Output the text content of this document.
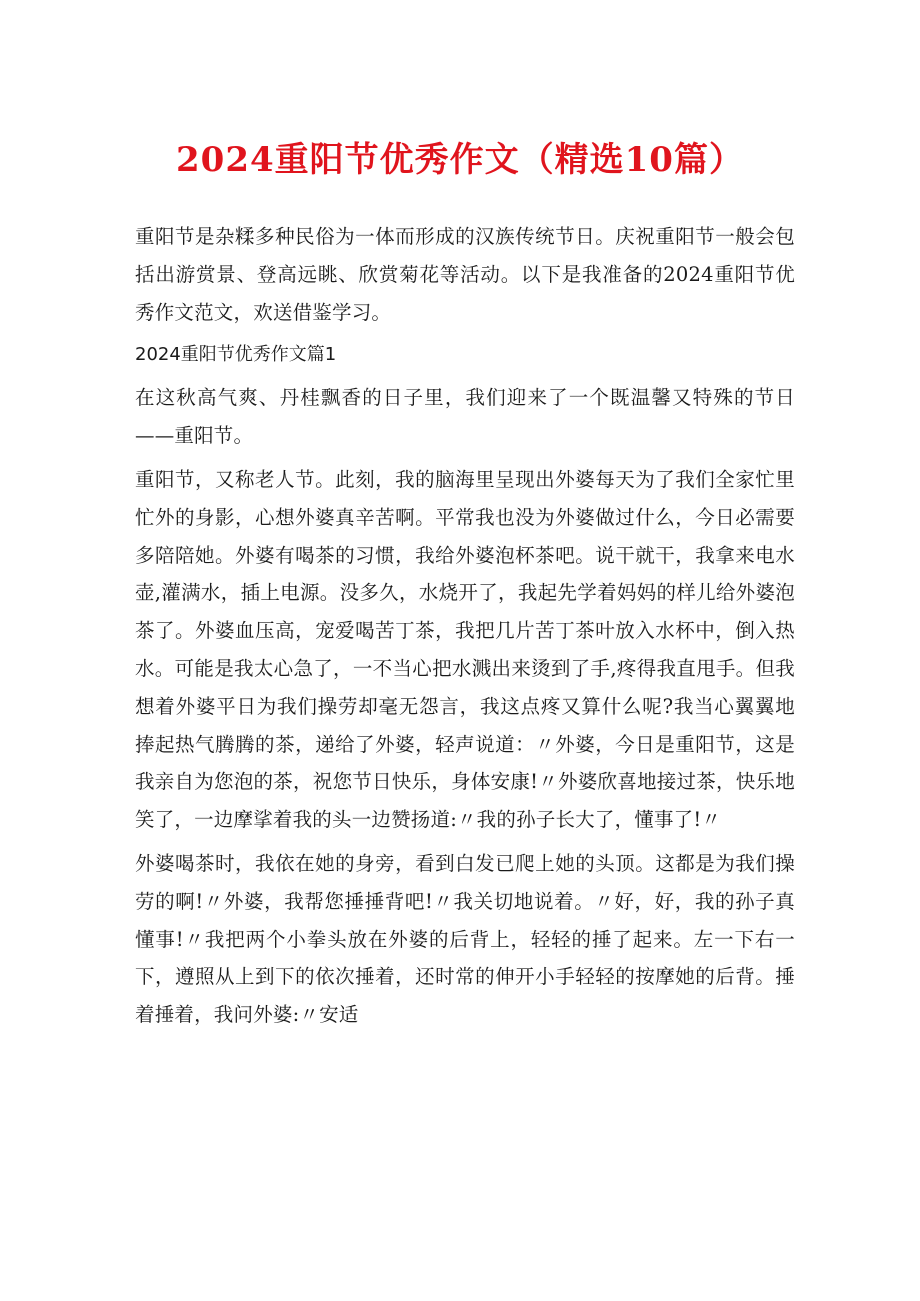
2024重阳节优秀作文（精选10篇）

重阳节是杂糅多种民俗为一体而形成的汉族传统节日。庆祝重阳节一般会包括出游赏景、登高远眺、欣赏菊花等活动。以下是我准备的2024重阳节优秀作文范文，欢送借鉴学习。

2024重阳节优秀作文篇1

在这秋高气爽、丹桂飘香的日子里，我们迎来了一个既温馨又特殊的节日——重阳节。

重阳节，又称老人节。此刻，我的脑海里呈现出外婆每天为了我们全家忙里忙外的身影，心想外婆真辛苦啊。平常我也没为外婆做过什么，今日必需要多陪陪她。外婆有喝茶的习惯，我给外婆泡杯茶吧。说干就干，我拿来电水壶,灌满水，插上电源。没多久，水烧开了，我起先学着妈妈的样儿给外婆泡茶了。外婆血压高，宠爱喝苦丁茶，我把几片苦丁茶叶放入水杯中，倒入热水。可能是我太心急了，一不当心把水溅出来烫到了手,疼得我直甩手。但我想着外婆平日为我们操劳却毫无怨言，我这点疼又算什么呢?我当心翼翼地捧起热气腾腾的茶，递给了外婆，轻声说道：〃外婆，今日是重阳节，这是我亲自为您泡的茶，祝您节日快乐，身体安康!〃外婆欣喜地接过茶，快乐地笑了，一边摩挲着我的头一边赞扬道:〃我的孙子长大了，懂事了!〃

外婆喝茶时，我依在她的身旁，看到白发已爬上她的头顶。这都是为我们操劳的啊!〃外婆，我帮您捶捶背吧!〃我关切地说着。〃好，好，我的孙子真懂事!〃我把两个小拳头放在外婆的后背上，轻轻的捶了起来。左一下右一下，遵照从上到下的依次捶着，还时常的伸开小手轻轻的按摩她的后背。捶着捶着，我问外婆:〃安适
